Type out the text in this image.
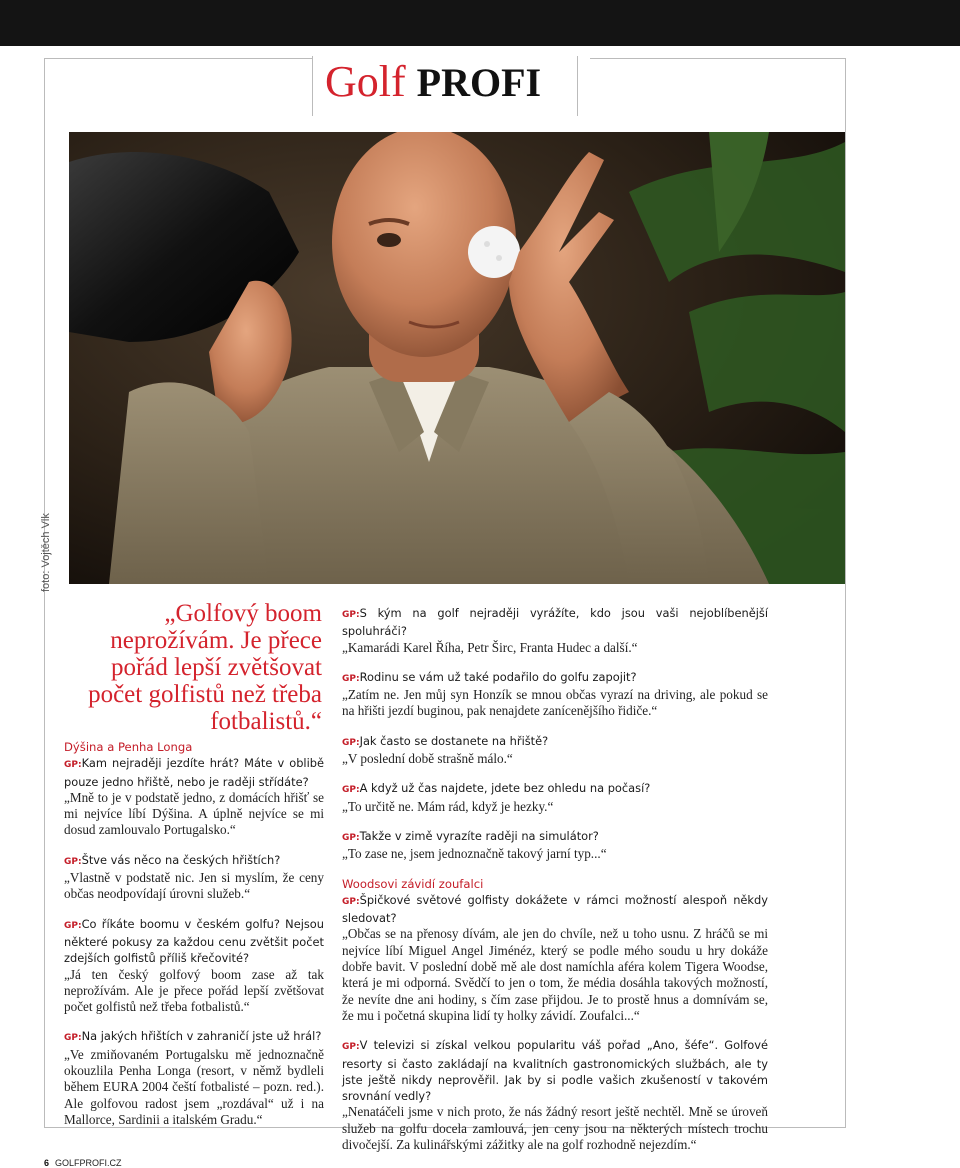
Golf PROFI
foto: Vojtěch Vlk
„Golfový boom neprožívám. Je přece pořád lepší zvětšovat počet golfistů než třeba fotbalistů.“

Dýšina a Penha Longa

GP:Kam nejraději jezdíte hrát? Máte v oblibě pouze jedno hřiště, nebo je raději střídáte?
„Mně to je v podstatě jedno, z domácích hřišť se mi nejvíce líbí Dýšina. A úplně nejvíce se mi dosud zamlouvalo Portugalsko.“

GP:Štve vás něco na českých hřištích?
„Vlastně v podstatě nic. Jen si myslím, že ceny občas neodpovídají úrovni služeb.“

GP:Co říkáte boomu v českém golfu? Nejsou některé pokusy za každou cenu zvětšit počet zdejších golfistů příliš křečovité?
„Já ten český golfový boom zase až tak neprožívám. Ale je přece pořád lepší zvětšovat počet golfistů než třeba fotbalistů.“

GP:Na jakých hřištích v zahraničí jste už hrál?
„Ve zmiňovaném Portugalsku mě jednoznačně okouzlila Penha Longa (resort, v němž bydleli během EURA 2004 čeští fotbalisté – pozn. red.). Ale golfovou radost jsem „rozdával“ už i na Mallorce, Sardinii a italském Gradu.“

GP:S kým na golf nejraději vyrážíte, kdo jsou vaši nejoblíbenější spoluhráči?
„Kamarádi Karel Říha, Petr Širc, Franta Hudec a další.“

GP:Rodinu se vám už také podařilo do golfu zapojit?
„Zatím ne. Jen můj syn Honzík se mnou občas vyrazí na driving, ale pokud se na hřišti jezdí buginou, pak nenajdete zanícenějšího řidiče.“

GP:Jak často se dostanete na hřiště?
„V poslední době strašně málo.“

GP:A když už čas najdete, jdete bez ohledu na počasí?
„To určitě ne. Mám rád, když je hezky.“

GP:Takže v zimě vyrazíte raději na simulátor?
„To zase ne, jsem jednoznačně takový jarní typ...“

Woodsovi závidí zoufalci

GP:Špičkové světové golfisty dokážete v rámci možností alespoň někdy sledovat?
„Občas se na přenosy dívám, ale jen do chvíle, než u toho usnu. Z hráčů se mi nejvíce líbí Miguel Angel Jiménéz, který se podle mého soudu u hry dokáže dobře bavit. V poslední době mě ale dost namíchla aféra kolem Tigera Woodse, která je mi odporná. Svědčí to jen o tom, že média dosáhla takových možností, že nevíte dne ani hodiny, s čím zase přijdou. Je to prostě hnus a domnívám se, že mu i početná skupina lidí ty holky závidí. Zoufalci...“

GP:V televizi si získal velkou popularitu váš pořad „Ano, šéfe“. Golfové resorty si často zakládají na kvalitních gastronomických službách, ale ty jste ještě nikdy neprověřil. Jak by si podle vašich zkušeností v takovém srovnání vedly?
„Nenatáčeli jsme v nich proto, že nás žádný resort ještě nechtěl. Mně se úroveň služeb na golfu docela zamlouvá, jen ceny jsou na některých místech trochu divočejší. Za kulinářskými zážitky ale na golf rozhodně nejezdím.“

6 GOLFPROFI.CZ
